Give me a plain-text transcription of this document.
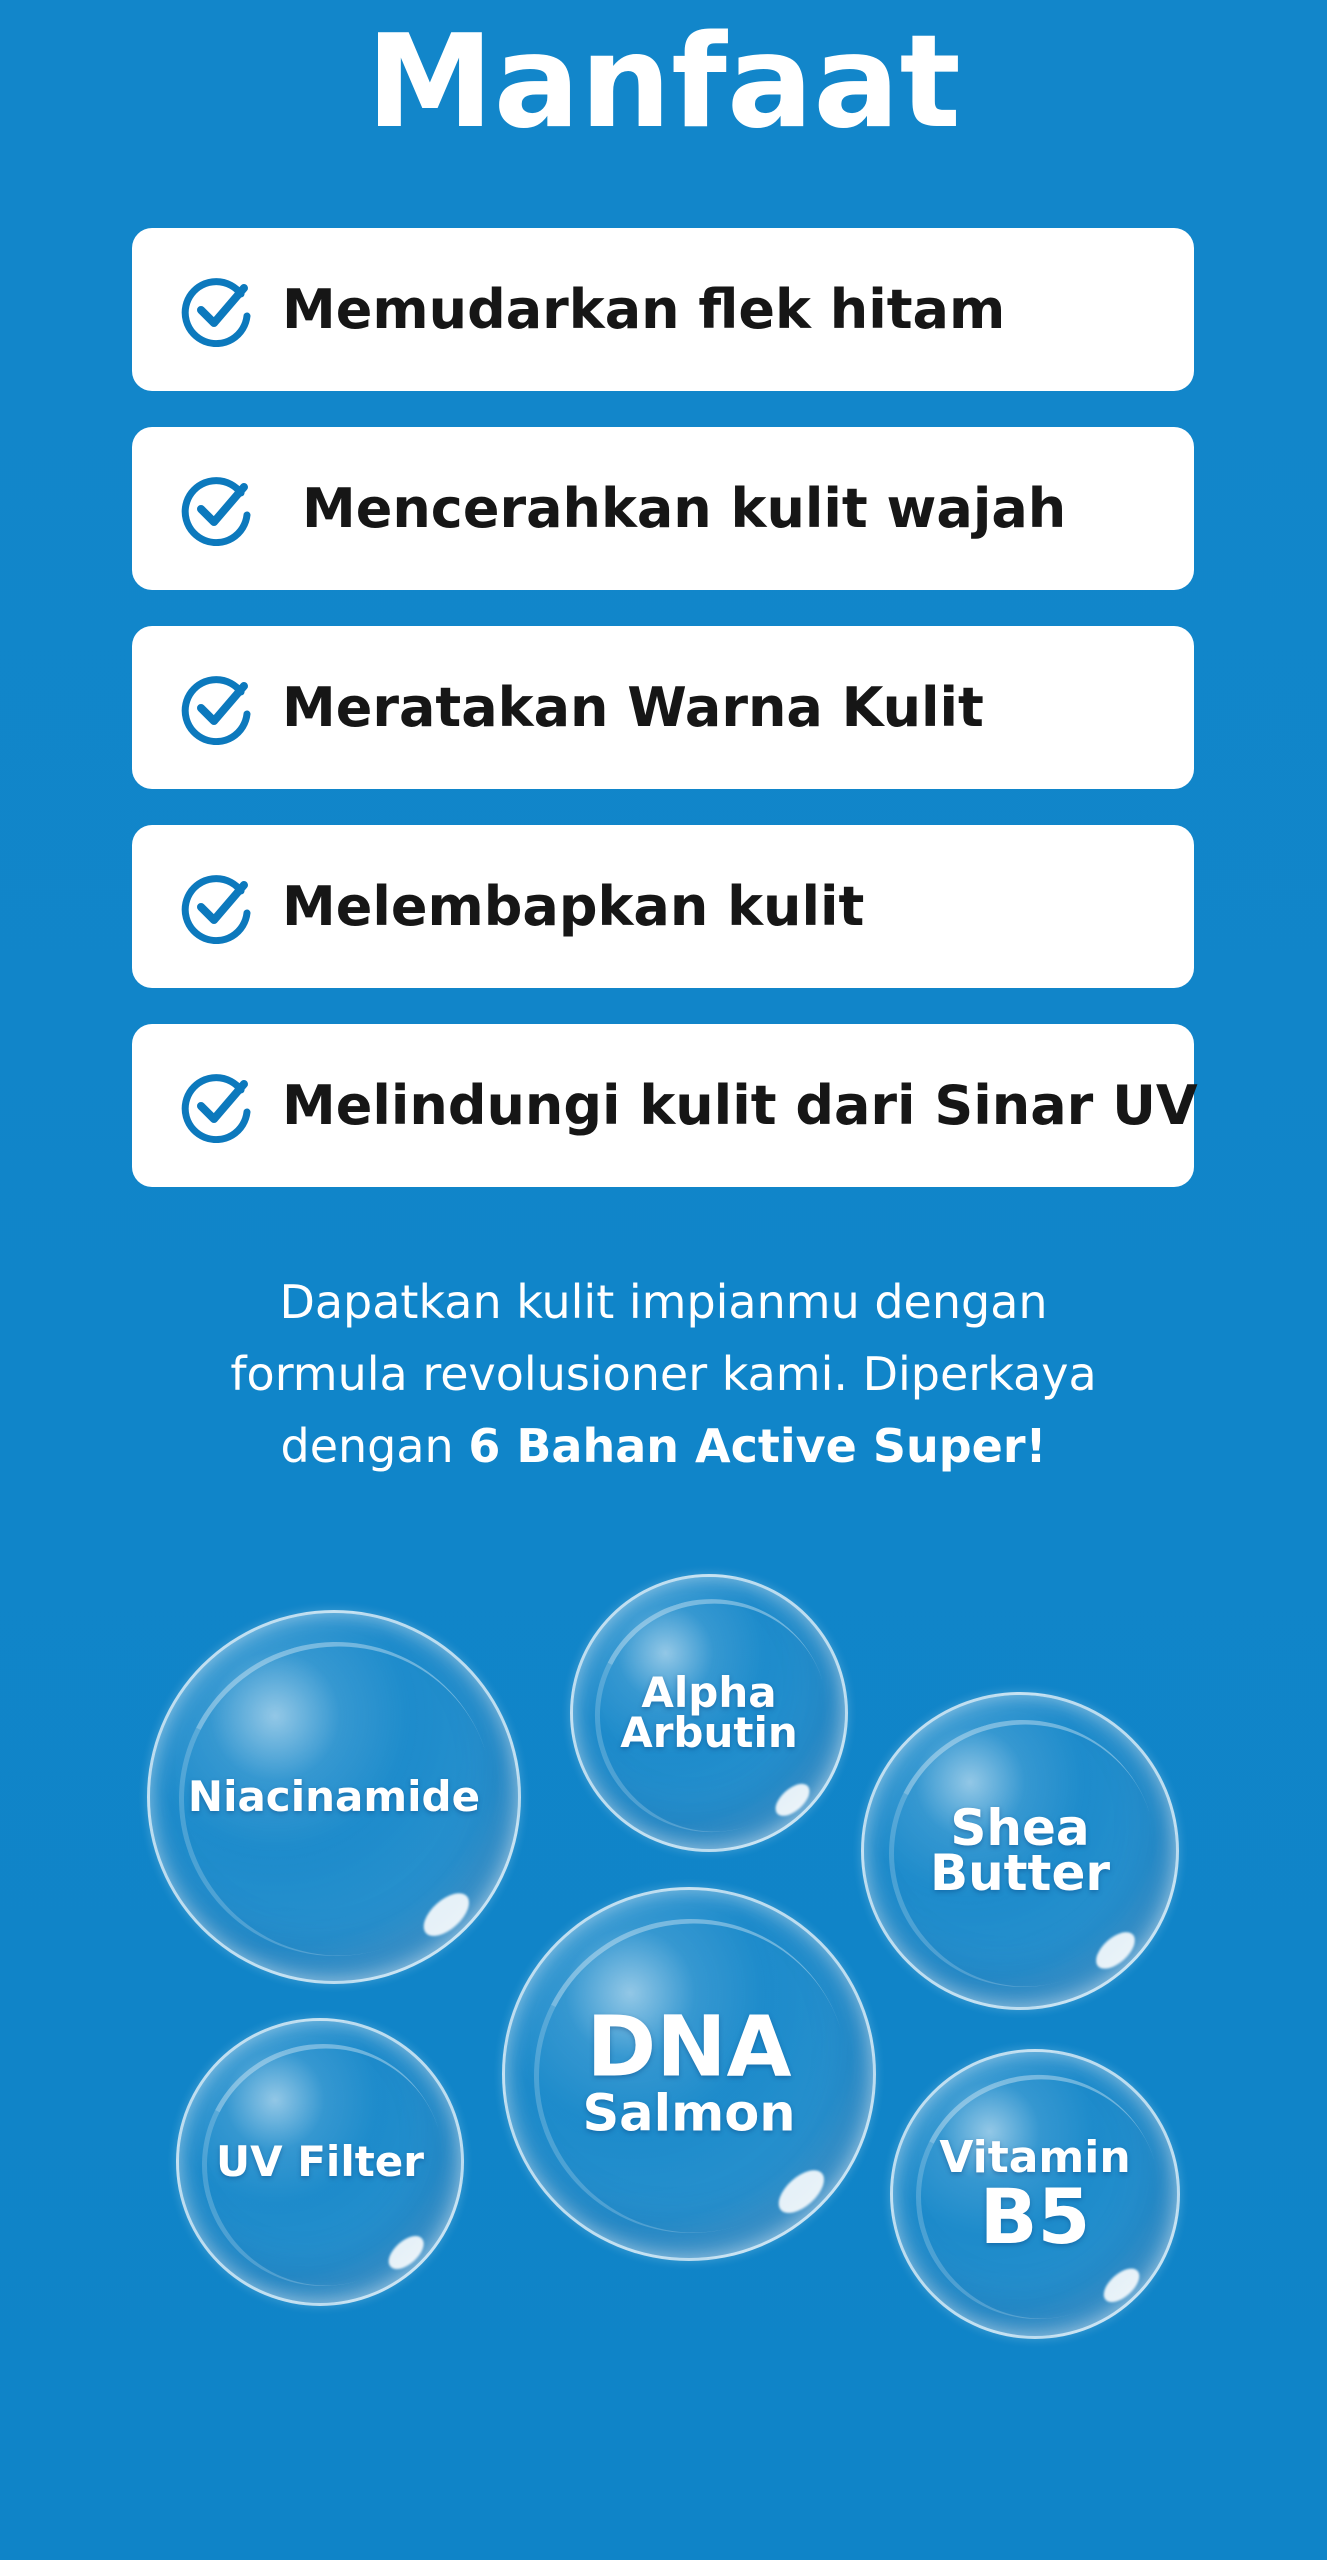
Manfaat
Memudarkan flek hitam
Mencerahkan kulit wajah
Meratakan Warna Kulit
Melembapkan kulit
Melindungi kulit dari Sinar UV
Dapatkan kulit impianmu dengan
formula revolusioner kami. Diperkaya
dengan 6 Bahan Active Super!
Niacinamide
Alpha
Arbutin
Shea
Butter
DNA
Salmon
UV Filter	Vitamin
B5
